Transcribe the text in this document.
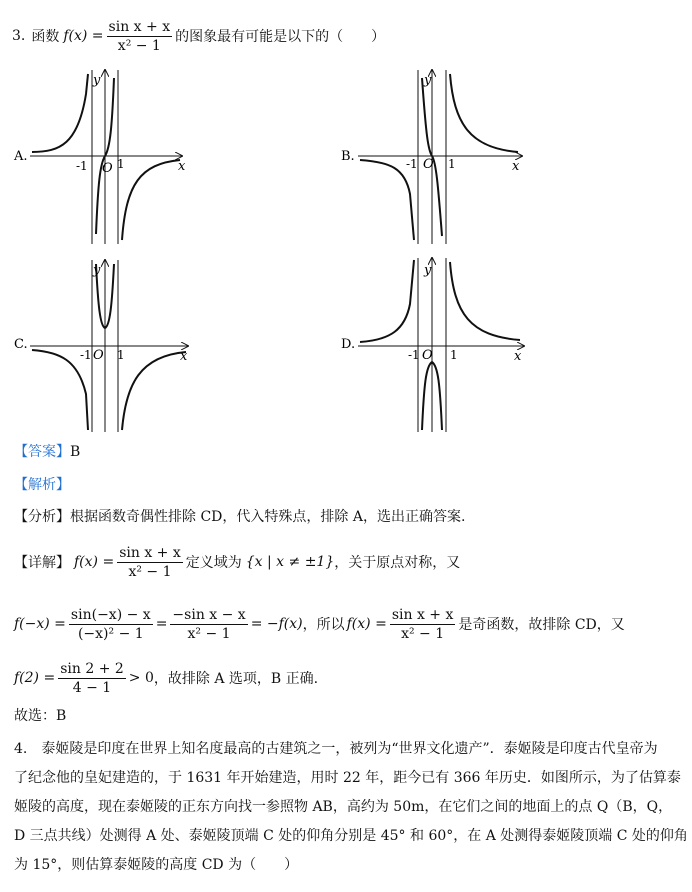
3. 函数 $f(x) = \frac{\text{sin x + x}}{\text{x² − 1}}$ 的图象最有可能是以下的（　　）
A.
-1 1
O	x
y
B.	-1	1
O	x
y
C.
-1 1
O	x
y
D.
-1	1
O	x
y
【答案】B
【解析】
【分析】根据函数奇偶性排除 CD，代入特殊点，排除 A，选出正确答案.
【详解】 $f(x) = \frac{\text{sin x + x}}{\text{x² − 1}}$ 定义域为 {x | x ≠ ±1} ，关于原点对称，又
$f(-x) = \frac{\sin(-x) - x}{\text{(−x)² − 1}} = \frac{\text{−sin x − x}}{\text{x² − 1}} = -f(x)$ ，所以 $f(x) = \frac{\text{sin x + x}}{\text{x² − 1}}$ 是奇函数，故排除 CD，又
$f(2) = \frac{\sin 2 + 2}{4 - 1} > 0$ ，故排除 A 选项，B 正确.
故选：B
4.　泰姬陵是印度在世界上知名度最高的古建筑之一，被列为“世界文化遗产”．泰姬陵是印度古代皇帝为
了纪念他的皇妃建造的，于 1631 年开始建造，用时 22 年，距今已有 366 年历史．如图所示，为了估算泰
姬陵的高度，现在泰姬陵的正东方向找一参照物 AB，高约为 50m，在它们之间的地面上的点 Q（B，Q，
D 三点共线）处测得 A 处、泰姬陵顶端 C 处的仰角分别是 45° 和 60°，在 A 处测得泰姬陵顶端 C 处的仰角
为 15°，则估算泰姬陵的高度 CD 为（　　）
